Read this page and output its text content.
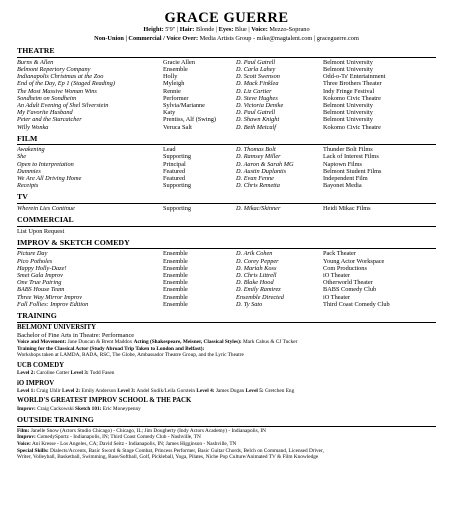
GRACE GUERRE
Height: 5'9" | Hair: Blonde | Eyes: Blue | Voice: Mezzo-Soprano
Non-Union | Commercial / Voice Over: Media Artists Group - mike@magtalent.com | graceguerre.com
THEATRE
Burns & Allen	Gracie Allen	D. Paul Gatrell	Belmont University
Belmont Repertory Company	Ensemble	D. Carla Lahey	Belmont University
Indianapolis Christmas at the Zoo	Holly	D. Scott Swenson	Odd-o-Ts' Entertainment
End of the Day, Ep 1 (Staged Reading)	Myleigh	D. Mack Finklea	Three Brothers Theater
The Most Massive Woman Wins	Rennie	D. Liz Cartier	Indy Fringe Festival
Sondheim on Sondheim	Performer	D. Steve Hughes	Kokomo Civic Theatre
An Adult Evening of Shel Silverstein	Sylvia/Marianne	D. Victoria Denike	Belmont University
My Favorite Husband	Katy	D. Paul Gatrell	Belmont University
Peter and the Starcatcher	Prentiss, Alf (Swing)	D. Shawn Knight	Belmont University
Willy Wonka	Veruca Salt	D. Beth Metcalf	Kokomo Civic Theatre
FILM
Awakening	Lead	D. Thomas Bolt	Thunder Bolt Films
She	Supporting	D. Ramsey Miller	Lack of Interest Films
Open to Interpretation	Principal	D. Aaron & Sarah MG	Naptown Films
Dummies	Featured	D. Austin Duplantis	Belmont Student Films
We Are All Driving Home	Featured	D. Evan Fenne	Independent Film
Receipts	Supporting	D. Chris Remetta	Bayonet Media
TV
Wherein Lies Continue	Supporting	D. Mikac/Skinner	Heidi Mikac Films
COMMERCIAL
List Upon Request
IMPROV & SKETCH COMEDY
Picture Day	Ensemble	D. Arik Cohen	Pack Theater
Pico Potholes	Ensemble	D. Corey Pepper	Young Actor Workspace
Happy Holly-Daze!	Ensemble	D. Mariah Koss	Com Productions
Smet Gala Improv	Ensemble	D. Chris Littrell	iO Theater
One True Pairing	Ensemble	D. Blake Hood	Otherworld Theater
BABS House Team	Ensemble	D. Emily Ramirez	BABS Comedy Club
Three Way Mirror Improv	Ensemble	Ensemble Directed	iO Theater
Fall Follies: Improv Edition	Ensemble	D. Ty Sato	Third Coast Comedy Club
TRAINING
BELMONT UNIVERSITY
Bachelor of Fine Arts in Theatre: Performance
Voice and Movement: Jane Duncan & Brent Maddox Acting (Shakespeare, Meisner, Classical Styles): Mark Cabus & CJ Tucker
Training for the Classical Actor (Study Abroad Trip Taken to London and Belfast):
Workshops taken at LAMDA, RADA, RSC, The Globe, Ambassador Theatre Group, and the Lyric Theatre
UCB COMEDY
Level 2: Caroline Cotter Level 3: Todd Fasen
iO IMPROV
Level 1: Craig Uhlir Level 2: Emily Anderson Level 3: Andel Sudik/Leila Gorstein Level 4: James Dugan Level 5: Gretchen Eng
WORLD'S GREATEST IMPROV SCHOOL & THE PACK
Improv: Craig Cackowski Sketch 101: Eric Moneypenny
OUTSIDE TRAINING
Film: Janelle Snow (Actors Studio Chicago) - Chicago, IL; Jim Dougherty (Indy Actors Academy) - Indianapolis, IN
Improv: ComedySportz - Indianapolis, IN; Third Coast Comedy Club - Nashville, TN
Voice: Ani Kresse - Los Angeles, CA; David Seitz - Indianapolis, IN; James Higginson - Nashville, TN
Special Skills: Dialects/Accents, Basic Sword & Stage Combat, Princess Performer, Basic Guitar Chords, Belch on Command, Licensed Driver,
Writer, Volleyball, Basketball, Swimming, Base/Softball, Golf, Pickleball, Yoga, Pilates, Niche Pop Culture/Animated TV & Film Knowledge
